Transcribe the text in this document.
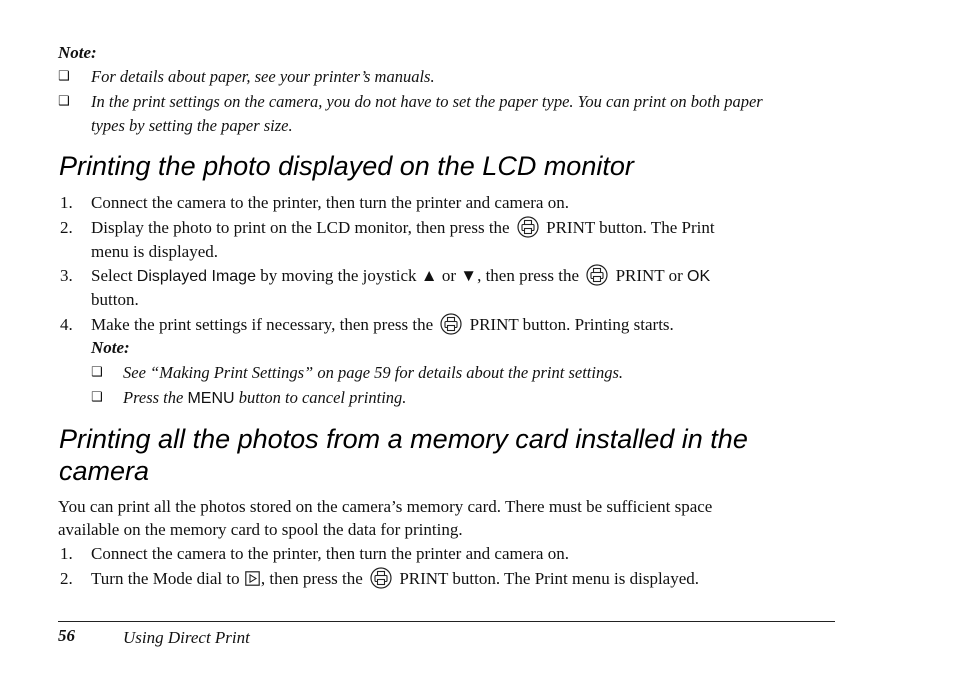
Note:
❑ For details about paper, see your printer’s manuals.
❑ In the print settings on the camera, you do not have to set the paper type. You can print on both paper
types by setting the paper size.
Printing the photo displayed on the LCD monitor
1. Connect the camera to the printer, then turn the printer and camera on.
2. Display the photo to print on the LCD monitor, then press the PRINT button. The Print
menu is displayed.
3. Select Displayed Image by moving the joystick ▲ or ▼, then press the PRINT or OK
button.
4. Make the print settings if necessary, then press the PRINT button. Printing starts.
Note:
❑ See “Making Print Settings” on page 59 for details about the print settings.
❑ Press the MENU button to cancel printing.
Printing all the photos from a memory card installed in the
camera
You can print all the photos stored on the camera’s memory card. There must be sufficient space
available on the memory card to spool the data for printing.
1. Connect the camera to the printer, then turn the printer and camera on.
2. Turn the Mode dial to , then press the PRINT button. The Print menu is displayed.
56	Using Direct Print
